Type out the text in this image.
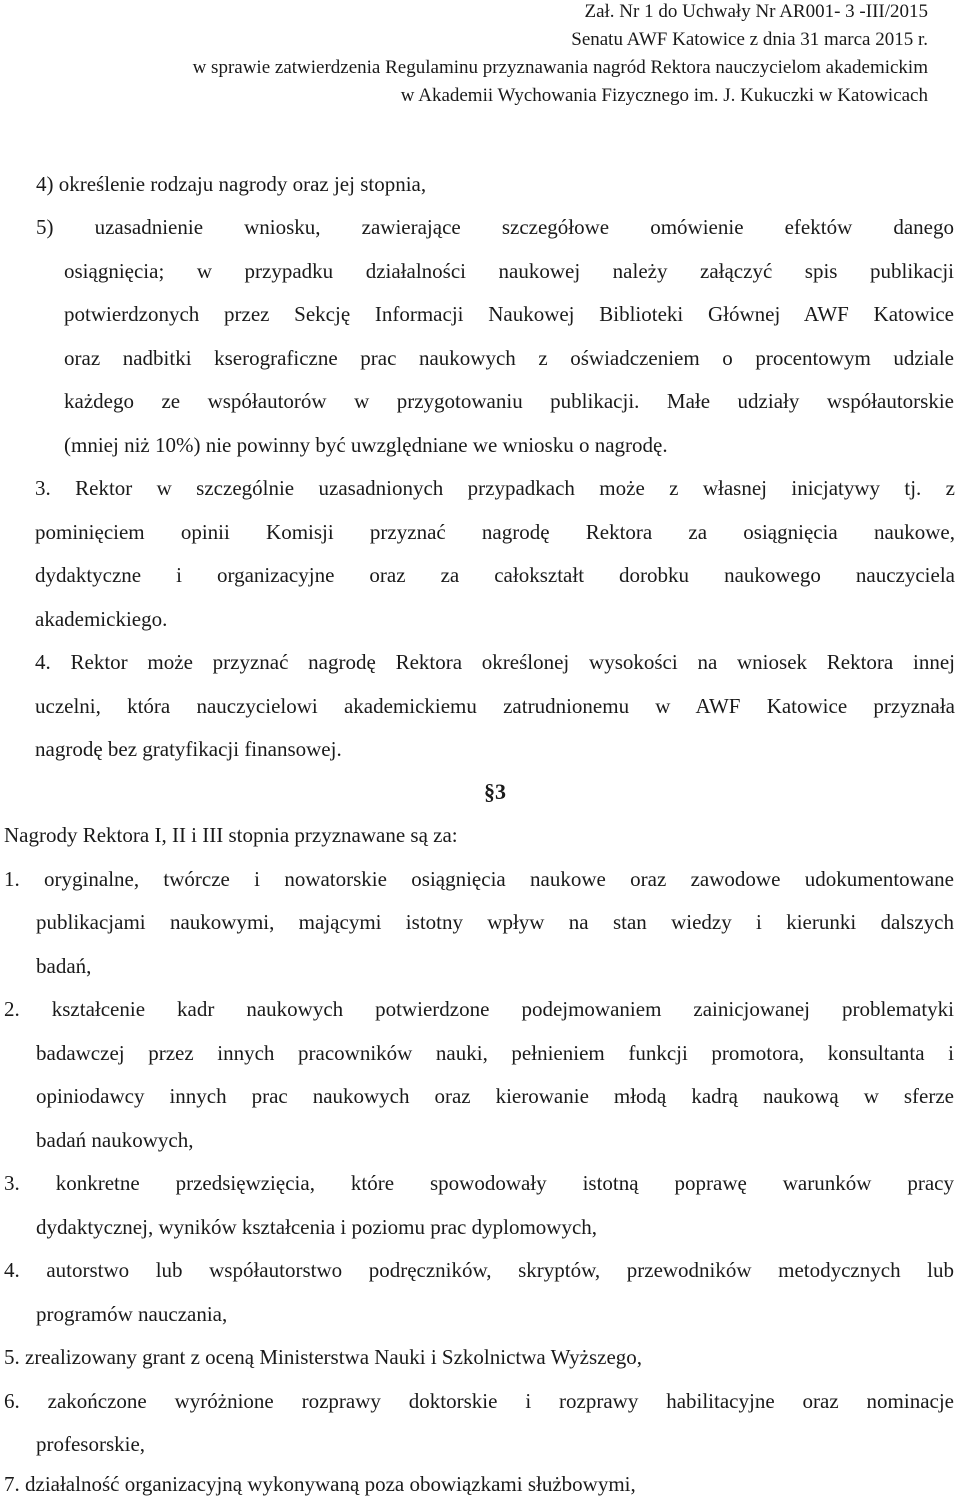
Zał. Nr 1 do Uchwały Nr AR001- 3 -III/2015
Senatu AWF Katowice z dnia 31 marca 2015 r.
w sprawie zatwierdzenia Regulaminu przyznawania nagród Rektora nauczycielom akademickim
w Akademii Wychowania Fizycznego im. J. Kukuczki w Katowicach
4) określenie rodzaju nagrody oraz jej stopnia,
5) uzasadnienie wniosku, zawierające szczegółowe omówienie efektów danego
osiągnięcia; w przypadku działalności naukowej należy załączyć spis publikacji
potwierdzonych przez Sekcję Informacji Naukowej Biblioteki Głównej AWF Katowice
oraz nadbitki kserograficzne prac naukowych z oświadczeniem o procentowym udziale
każdego ze współautorów w przygotowaniu publikacji. Małe udziały współautorskie
(mniej niż 10%) nie powinny być uwzględniane we wniosku o nagrodę.
3. Rektor w szczególnie uzasadnionych przypadkach może z własnej inicjatywy tj. z
pominięciem opinii Komisji przyznać nagrodę Rektora za osiągnięcia naukowe,
dydaktyczne i organizacyjne oraz za całokształt dorobku naukowego nauczyciela
akademickiego.
4. Rektor może przyznać nagrodę Rektora określonej wysokości na wniosek Rektora innej
uczelni, która nauczycielowi akademickiemu zatrudnionemu w AWF Katowice przyznała
nagrodę bez gratyfikacji finansowej.
§3
Nagrody Rektora I, II i III stopnia przyznawane są za:
1. oryginalne, twórcze i nowatorskie osiągnięcia naukowe oraz zawodowe udokumentowane
publikacjami naukowymi, mającymi istotny wpływ na stan wiedzy i kierunki dalszych
badań,
2. kształcenie kadr naukowych potwierdzone podejmowaniem zainicjowanej problematyki
badawczej przez innych pracowników nauki, pełnieniem funkcji promotora, konsultanta i
opiniodawcy innych prac naukowych oraz kierowanie młodą kadrą naukową w sferze
badań naukowych,
3. konkretne przedsięwzięcia, które spowodowały istotną poprawę warunków pracy
dydaktycznej, wyników kształcenia i poziomu prac dyplomowych,
4. autorstwo lub współautorstwo podręczników, skryptów, przewodników metodycznych lub
programów nauczania,
5. zrealizowany grant z oceną Ministerstwa Nauki i Szkolnictwa Wyższego,
6. zakończone wyróżnione rozprawy doktorskie i rozprawy habilitacyjne oraz nominacje
profesorskie,
7. działalność organizacyjną wykonywaną poza obowiązkami służbowymi,
